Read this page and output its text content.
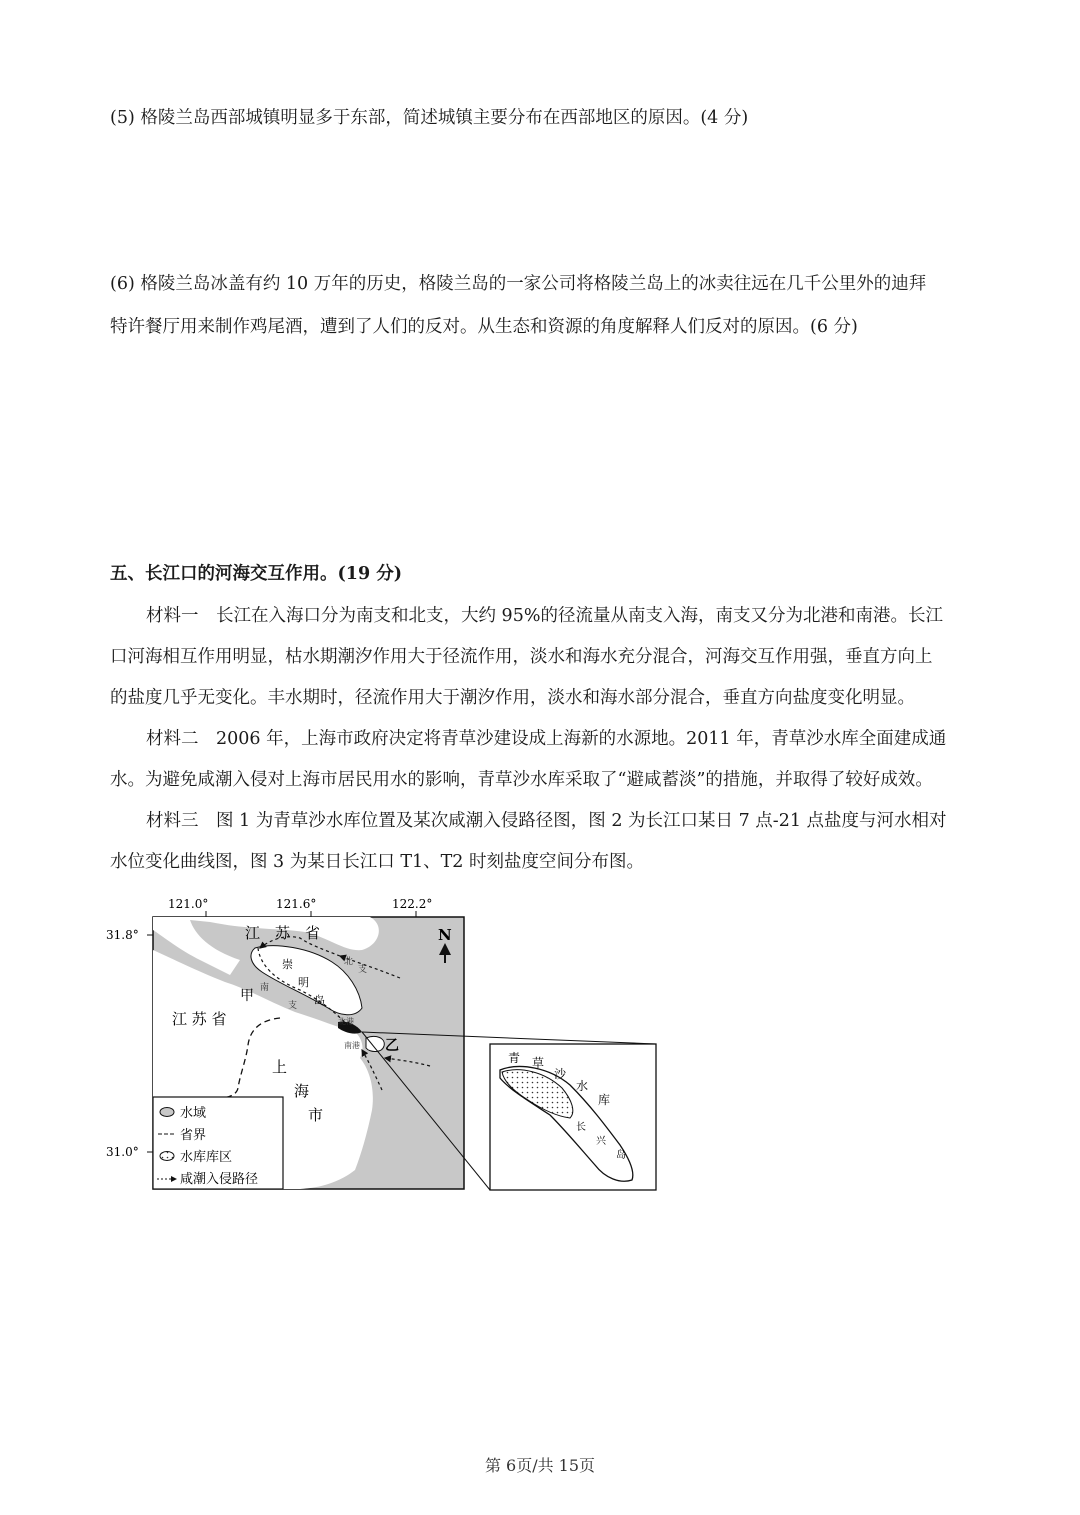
(5) 格陵兰岛西部城镇明显多于东部，简述城镇主要分布在西部地区的原因。(4 分)
(6) 格陵兰岛冰盖有约 10 万年的历史，格陵兰岛的一家公司将格陵兰岛上的冰卖往远在几千公里外的迪拜
特许餐厅用来制作鸡尾酒，遭到了人们的反对。从生态和资源的角度解释人们反对的原因。(6 分)
五、长江口的河海交互作用。(19 分)
材料一　长江在入海口分为南支和北支，大约 95%的径流量从南支入海，南支又分为北港和南港。长江
口河海相互作用明显，枯水期潮汐作用大于径流作用，淡水和海水充分混合，河海交互作用强，垂直方向上
的盐度几乎无变化。丰水期时，径流作用大于潮汐作用，淡水和海水部分混合，垂直方向盐度变化明显。
材料二　2006 年，上海市政府决定将青草沙建设成上海新的水源地。2011 年，青草沙水库全面建成通
水。为避免咸潮入侵对上海市居民用水的影响，青草沙水库采取了“避咸蓄淡”的措施，并取得了较好成效。
材料三　图 1 为青草沙水库位置及某次咸潮入侵路径图，图 2 为长江口某日 7 点-21 点盐度与河水相对
水位变化曲线图，图 3 为某日长江口 T1、T2 时刻盐度空间分布图。
N
121.0°	121.6°	122.2°
31.8°
31.0°
江　苏　省
江 苏 省
崇
明
岛
甲
乙
上
海
市
北
支
南
支
北港
南港
水域
省界
水库库区
咸潮入侵路径
青 草
沙
水
库
长
兴
岛
第 6页/共 15页
